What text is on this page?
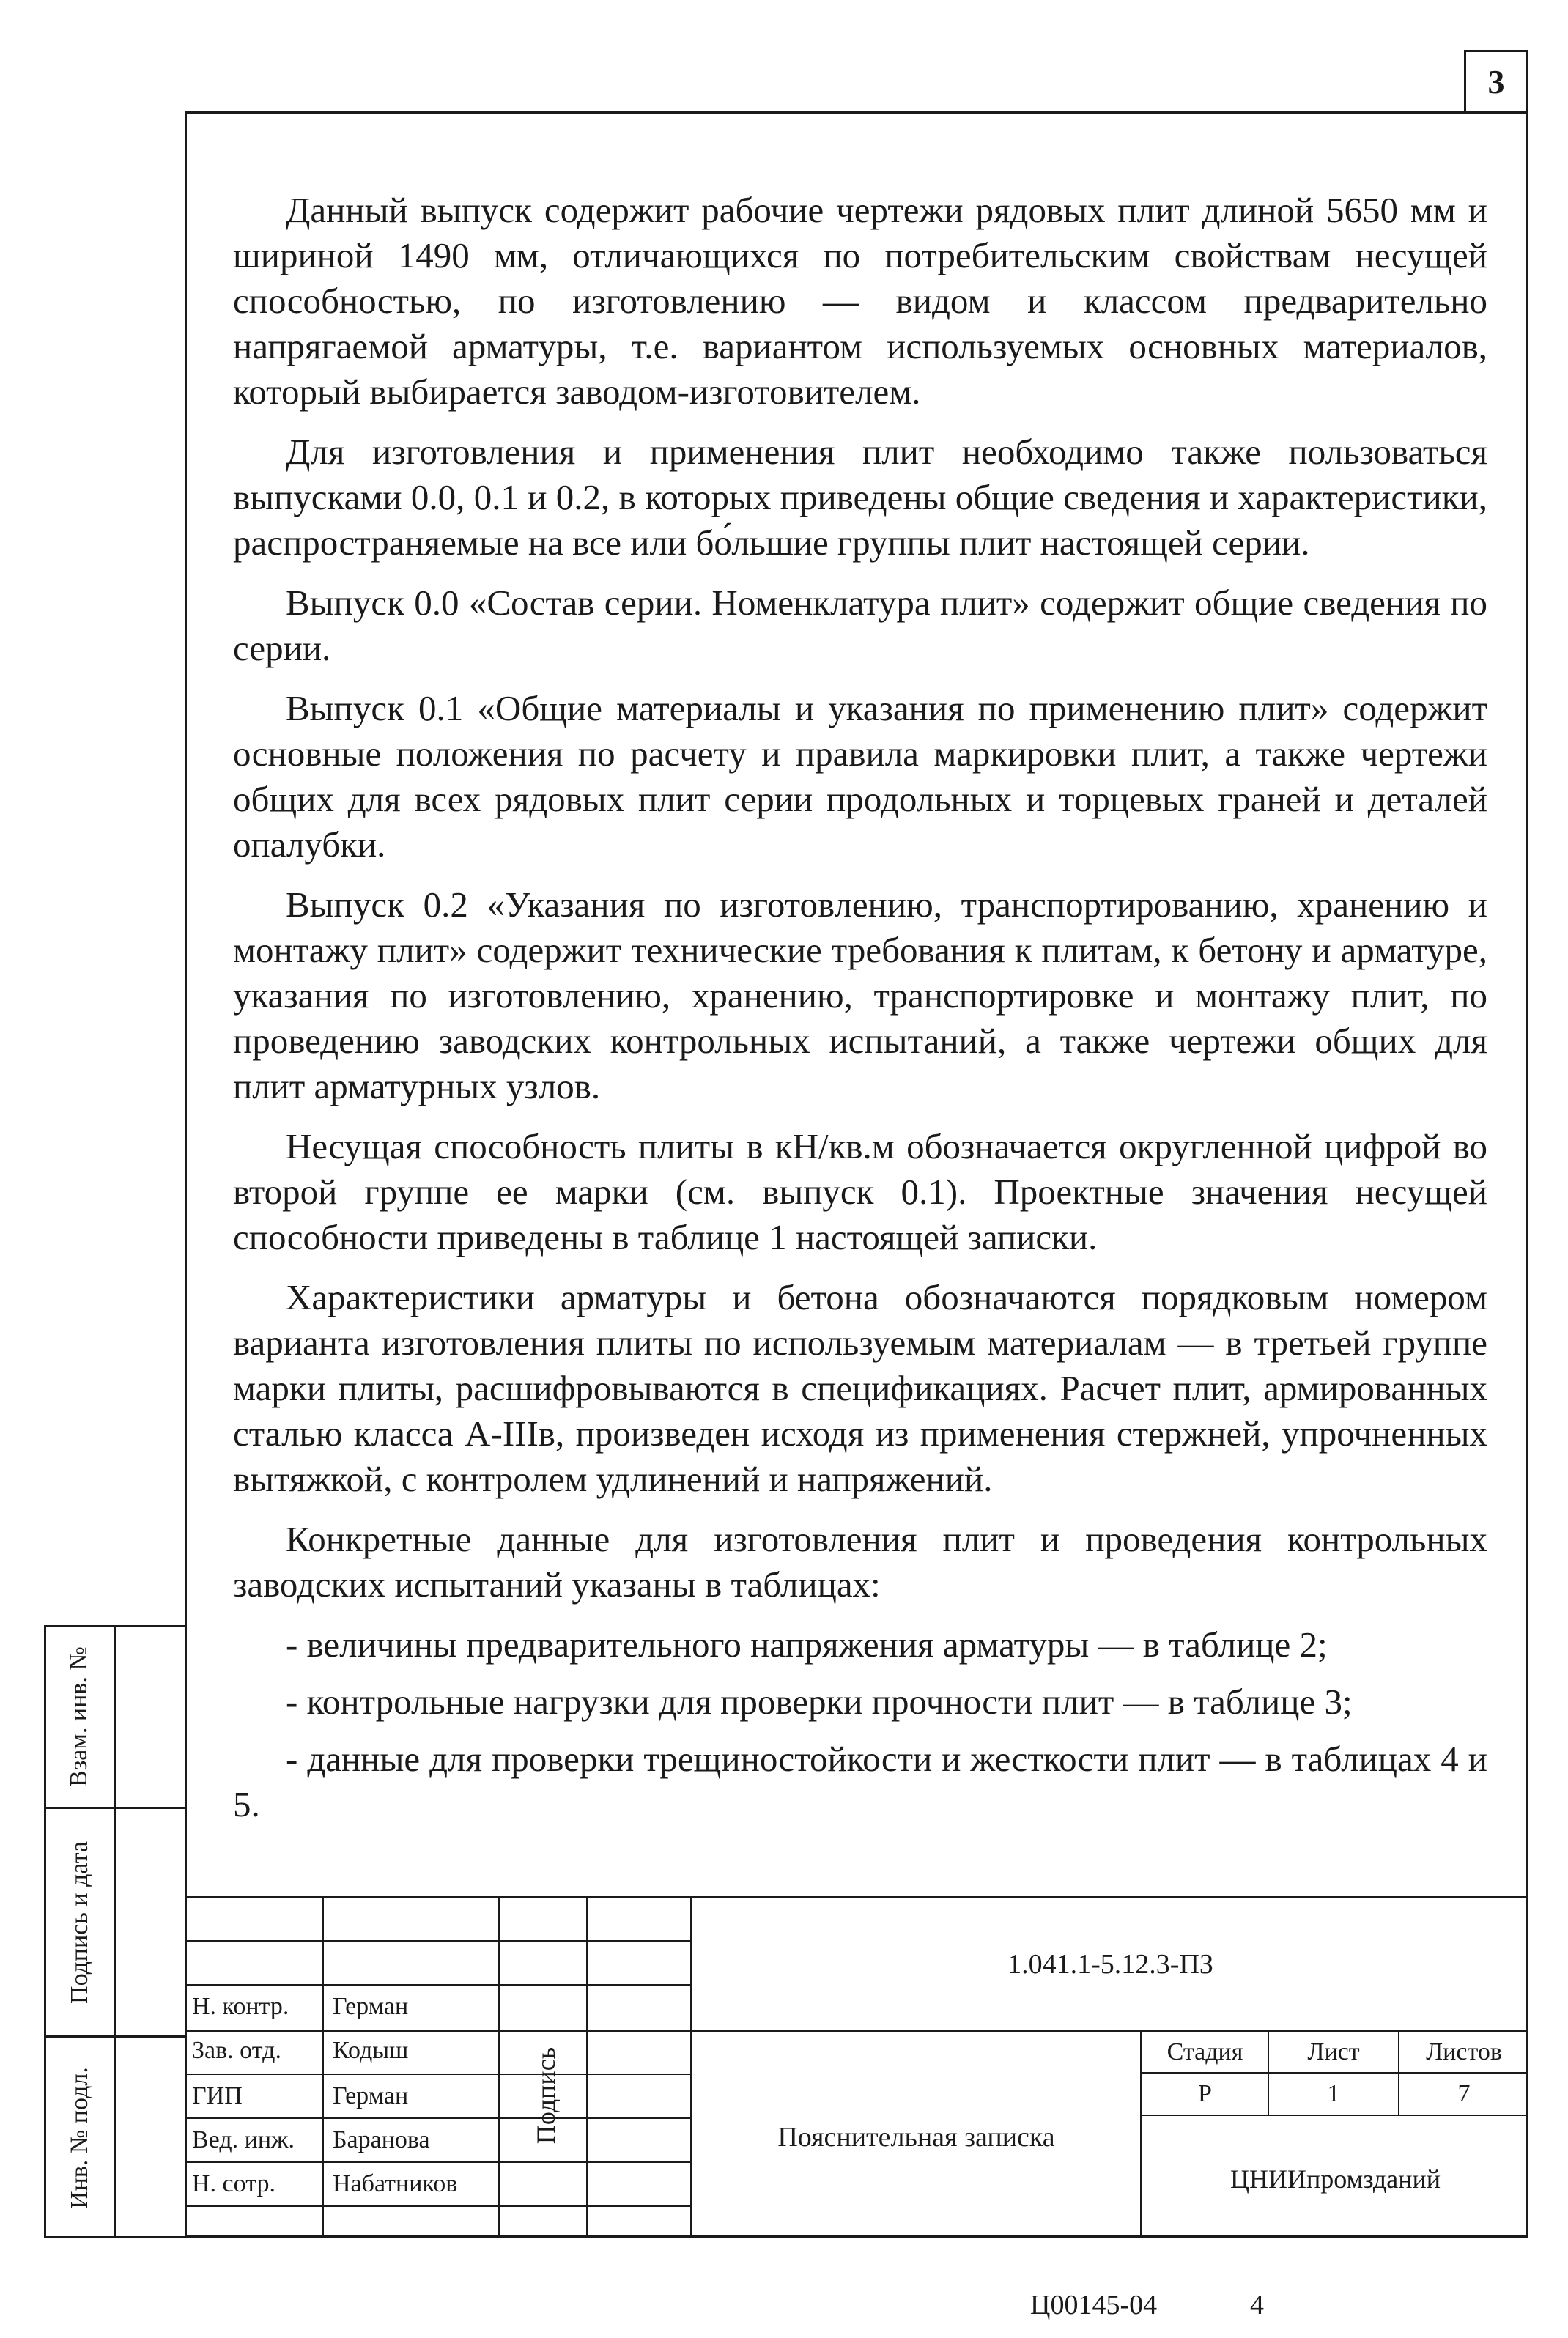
3

Данный выпуск содержит рабочие чертежи рядовых плит длиной 5650 мм и шириной 1490 мм, отличающихся по потребительским свойствам несущей способностью, по изготовлению — видом и классом предварительно напрягаемой арматуры, т.е. вариантом используемых основных материалов, который выбирается заводом-изготовителем.

Для изготовления и применения плит необходимо также пользоваться выпусками 0.0, 0.1 и 0.2, в которых приведены общие сведения и характеристики, распространяемые на все или бо́льшие группы плит настоящей серии.

Выпуск 0.0 «Состав серии. Номенклатура плит» содержит общие сведения по серии.

Выпуск 0.1 «Общие материалы и указания по применению плит» содержит основные положения по расчету и правила маркировки плит, а также чертежи общих для всех рядовых плит серии продольных и торцевых граней и деталей опалубки.

Выпуск 0.2 «Указания по изготовлению, транспортированию, хранению и монтажу плит» содержит технические требования к плитам, к бетону и арматуре, указания по изготовлению, хранению, транспортировке и монтажу плит, по проведению заводских контрольных испытаний, а также чертежи общих для плит арматурных узлов.

Несущая способность плиты в кН/кв.м обозначается округленной цифрой во второй группе ее марки (см. выпуск 0.1). Проектные значения несущей способности приведены в таблице 1 настоящей записки.

Характеристики арматуры и бетона обозначаются порядковым номером варианта изготовления плиты по используемым материалам — в третьей группе марки плиты, расшифровываются в спецификациях. Расчет плит, армированных сталью класса А-IIIв, произведен исходя из применения стержней, упрочненных вытяжкой, с контролем удлинений и напряжений.

Конкретные данные для изготовления плит и проведения контрольных заводских испытаний указаны в таблицах:

- величины предварительного напряжения арматуры — в таблице 2;

- контрольные нагрузки для проверки прочности плит — в таблице 3;

- данные для проверки трещиностойкости и жесткости плит — в таблицах 4 и 5.

Взам. инв. №
Подпись и дата
Инв. № подл.
1.041.1-5.12.3-ПЗ
Н. контр. Герман
Зав. отд. Кодыш
ГИП	Герман
Вед. инж. Баранова
Н. сотр. Набатников
Подпись	Пояснительная записка
Стадия	Лист	Листов
Р	1	7
ЦНИИпромзданий
Ц00145-04	4
